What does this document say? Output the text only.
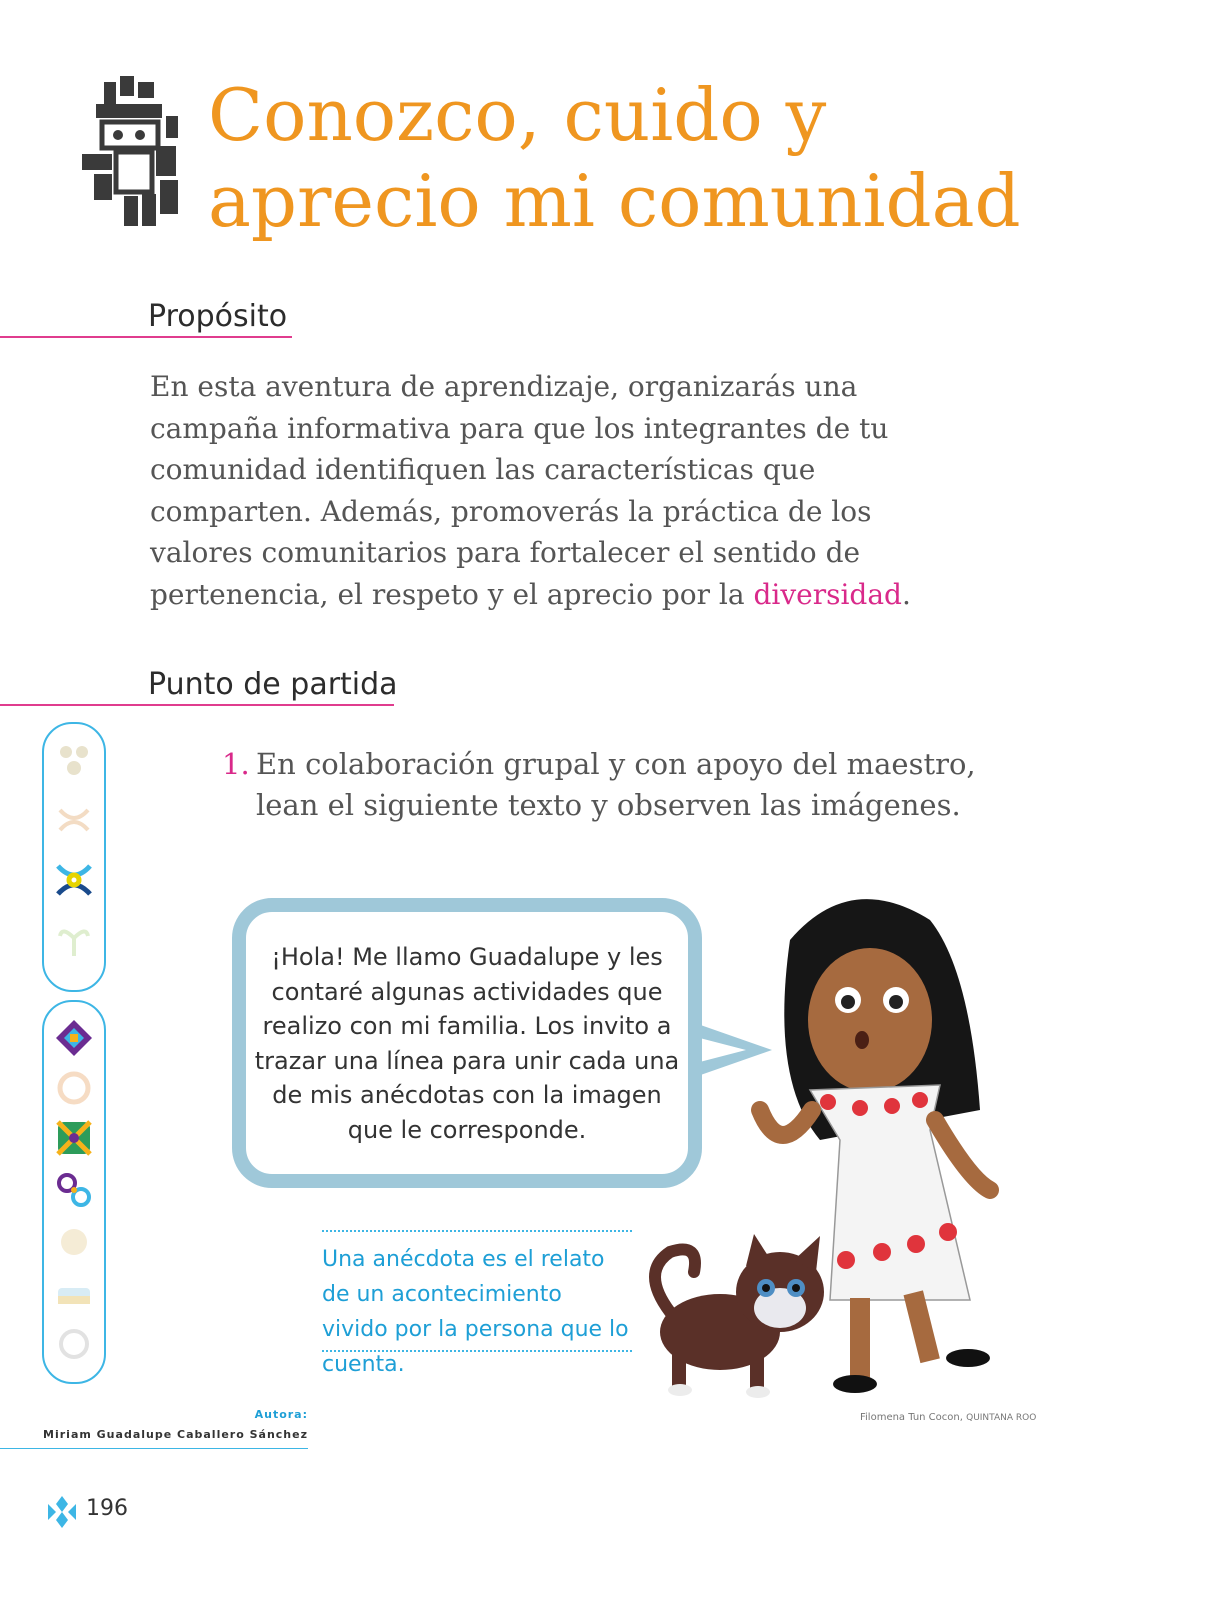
Conozco, cuido y
aprecio mi comunidad
Propósito

En esta aventura de aprendizaje, organizarás una campaña informativa para que los integrantes de tu comunidad identifiquen las características que comparten. Además, promoverás la práctica de los valores comunitarios para fortalecer el sentido de pertenencia, el respeto y el aprecio por la diversidad.

Punto de partida
1. En colaboración grupal y con apoyo del maestro, lean el siguiente texto y observen las imágenes.

¡Hola! Me llamo Guadalupe y les contaré algunas actividades que realizo con mi familia. Los invito a trazar una línea para unir cada una de mis anécdotas con la imagen que le corresponde.

Una anécdota es el relato de un acontecimiento vivido por la persona que lo cuenta.

Filomena Tun Cocon, QUINTANA ROO
Autora:
Miriam Guadalupe Caballero Sánchez
196
